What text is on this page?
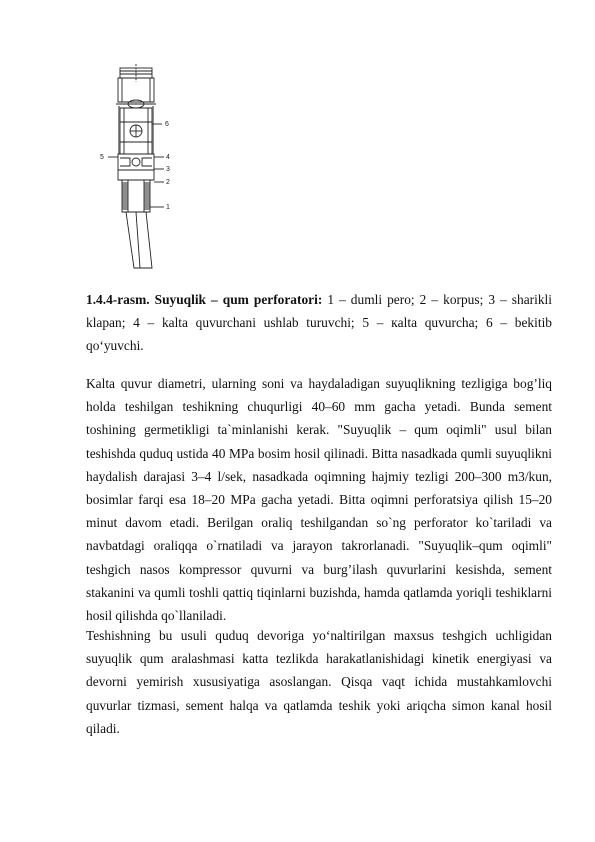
6
5	4
3
2
1
1.4.4-rasm. Suyuqlik – qum perforatori: 1 – dumli pero; 2 – korpus; 3 – sharikli klapan; 4 – kalta quvurchani ushlab turuvchi; 5 – кalta quvurcha; 6 – bekitib qo‘yuvchi.
Kalta quvur diametri, ularning soni va haydaladigan suyuqlikning tezligiga bog’liq holda teshilgan teshikning chuqurligi 40–60 mm gacha yetadi. Bunda sement toshining germetikligi ta`minlanishi kerak. "Suyuqlik – qum oqimli" usul bilan teshishda quduq ustida 40 MPa bosim hosil qilinadi. Bitta nasadkada qumli suyuqlikni haydalish darajasi 3–4 l/sek, nasadkada oqimning hajmiy tezligi 200–300 m3/kun, bosimlar farqi esa 18–20 MPa gacha yetadi. Bitta oqimni perforatsiya qilish 15–20 minut davom etadi. Berilgan oraliq teshilgandan so`ng perforator ko`tariladi va navbatdagi oraliqqa o`rnatiladi va jarayon takrorlanadi. "Suyuqlik–qum oqimli" teshgich nasos kompressor quvurni va burg’ilash quvurlarini kesishda, sement stakanini va qumli toshli qattiq tiqinlarni buzishda, hamda qatlamda yoriqli teshiklarni hosil qilishda qo`llaniladi.
Teshishning bu usuli quduq devoriga yo‘naltirilgan maxsus teshgich uchligidan suyuqlik qum aralashmasi katta tezlikda harakatlanishidagi kinetik energiyasi va devorni yemirish xususiyatiga asoslangan. Qisqa vaqt ichida mustahkamlovchi quvurlar tizmasi, sement halqa va qatlamda teshik yoki ariqcha simon kanal hosil qiladi.
